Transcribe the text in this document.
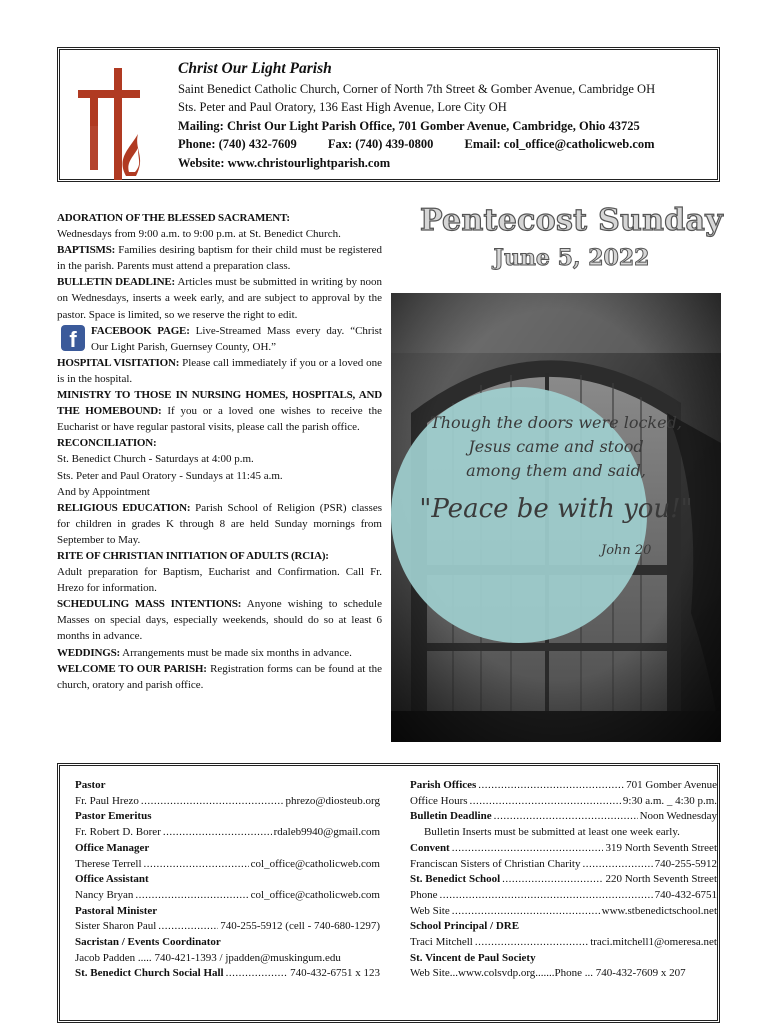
Christ Our Light Parish
Saint Benedict Catholic Church, Corner of North 7th Street & Gomber Avenue, Cambridge OH
Sts. Peter and Paul Oratory, 136 East High Avenue, Lore City OH
Mailing: Christ Our Light Parish Office, 701 Gomber Avenue, Cambridge, Ohio 43725
Phone: (740) 432-7609 Fax: (740) 439-0800 Email: col_office@catholicweb.com
Website: www.christourlightparish.com

ADORATION OF THE BLESSED SACRAMENT:

Wednesdays from 9:00 a.m. to 9:00 p.m. at St. Benedict Church.

BAPTISMS: Families desiring baptism for their child must be registered in the parish. Parents must attend a preparation class.

BULLETIN DEADLINE: Articles must be submitted in writing by noon on Wednesdays, inserts a week early, and are subject to approval by the pastor. Space is limited, so we reserve the right to edit.

f	FACEBOOK PAGE: Live-Streamed Mass every day. “Christ Our Light Parish, Guernsey County, OH.”

HOSPITAL VISITATION: Please call immediately if you or a loved one is in the hospital.

MINISTRY TO THOSE IN NURSING HOMES, HOSPITALS, AND THE HOMEBOUND: If you or a loved one wishes to receive the Eucharist or have regular pastoral visits, please call the parish office.

RECONCILIATION:

St. Benedict Church - Saturdays at 4:00 p.m.

Sts. Peter and Paul Oratory - Sundays at 11:45 a.m.

And by Appointment

RELIGIOUS EDUCATION: Parish School of Religion (PSR) classes for children in grades K through 8 are held Sunday mornings from September to May.

RITE OF CHRISTIAN INITIATION OF ADULTS (RCIA):

Adult preparation for Baptism, Eucharist and Confirmation. Call Fr. Hrezo for information.

SCHEDULING MASS INTENTIONS: Anyone wishing to schedule Masses on special days, especially weekends, should do so at least 6 months in advance.

WEDDINGS: Arrangements must be made six months in advance.

WELCOME TO OUR PARISH: Registration forms can be found at the church, oratory and parish office.

Pentecost Sunday
June 5, 2022
Though the doors were locked,
Jesus came and stood
among them and said,
"Peace be with you!"
John 20
Pastor
Fr. Paul Hrezo .....	phrezo@diosteub.org
Pastor Emeritus
Fr. Robert D. Borer .....	rdaleb9940@gmail.com
Office Manager
Therese Terrell .....	col_office@catholicweb.com
Office Assistant
Nancy Bryan .....	col_office@catholicweb.com
Pastoral Minister
Sister Sharon Paul .....	740-255-5912 (cell - 740-680-1297)
Sacristan / Events Coordinator
Jacob Padden .....
740-421-1393 / jpadden@muskingum.edu
St. Benedict Church Social Hall .....	740-432-6751 x 123
Parish Offices .....	701 Gomber Avenue
Office Hours .....	9:30 a.m. _ 4:30 p.m.
Bulletin Deadline .....	Noon Wednesday
Bulletin Inserts must be submitted at least one week early.
Convent .....	319 North Seventh Street
Franciscan Sisters of Christian Charity .....	740-255-5912
St. Benedict School .....	220 North Seventh Street
Phone .....	740-432-6751
Web Site .....	www.stbenedictschool.net
School Principal / DRE
Traci Mitchell .....	traci.mitchell1@omeresa.net
St. Vincent de Paul Society
Web Site...www.colsvdp.org.......Phone ... 740-432-7609 x 207
